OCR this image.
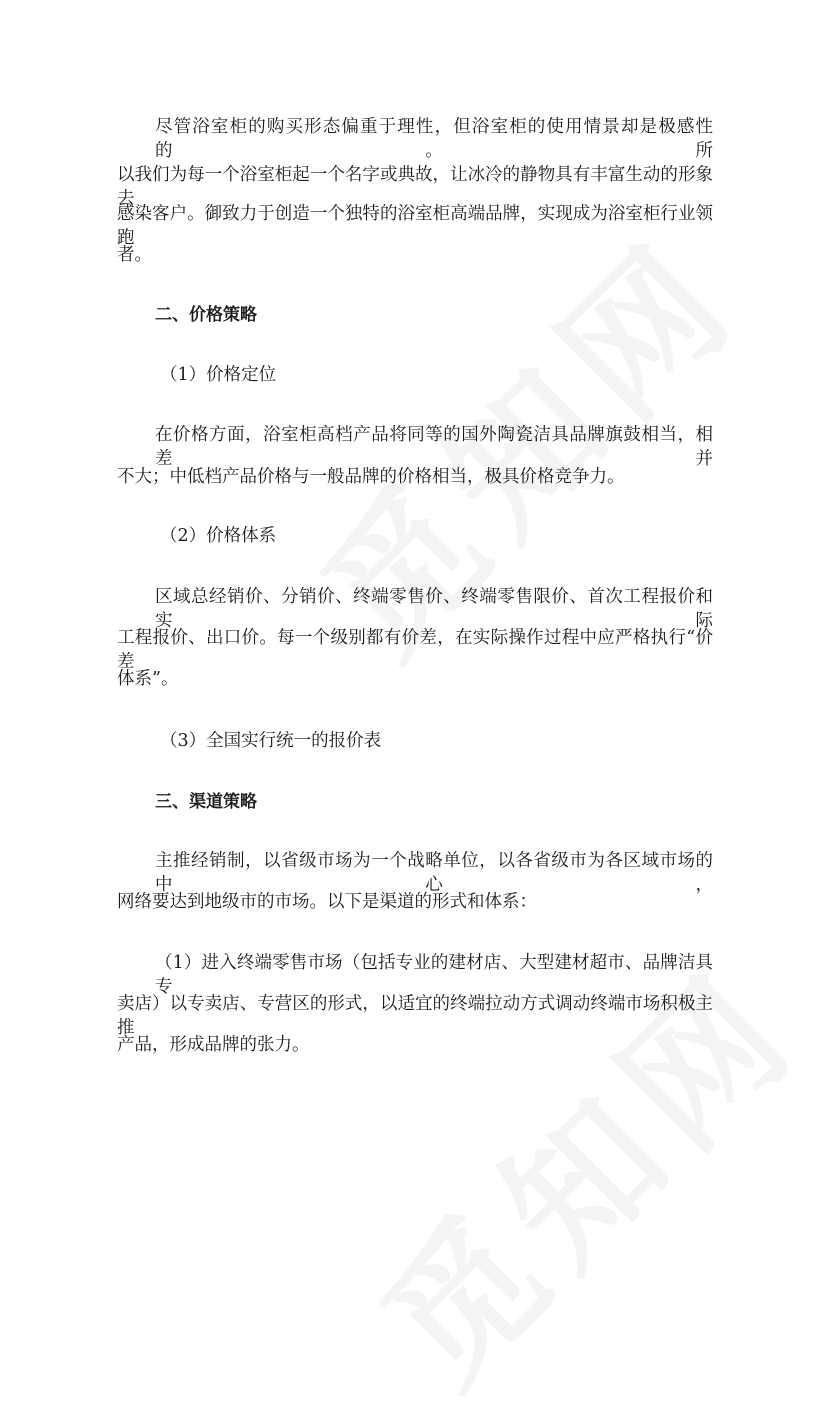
尽管浴室柜的购买形态偏重于理性，但浴室柜的使用情景却是极感性的。所
以我们为每一个浴室柜起一个名字或典故，让冰冷的静物具有丰富生动的形象去
感染客户。御致力于创造一个独特的浴室柜高端品牌，实现成为浴室柜行业领跑
者。
二、价格策略
（1）价格定位
在价格方面，浴室柜高档产品将同等的国外陶瓷洁具品牌旗鼓相当，相差并
不大；中低档产品价格与一般品牌的价格相当，极具价格竞争力。
（2）价格体系
区域总经销价、分销价、终端零售价、终端零售限价、首次工程报价和实际
工程报价、出口价。每一个级别都有价差，在实际操作过程中应严格执行“价差
体系”。
（3）全国实行统一的报价表
三、渠道策略
主推经销制，以省级市场为一个战略单位，以各省级市为各区域市场的中心，
网络要达到地级市的市场。以下是渠道的形式和体系：
（1）进入终端零售市场（包括专业的建材店、大型建材超市、品牌洁具专
卖店）以专卖店、专营区的形式，以适宜的终端拉动方式调动终端市场积极主推
产品，形成品牌的张力。
